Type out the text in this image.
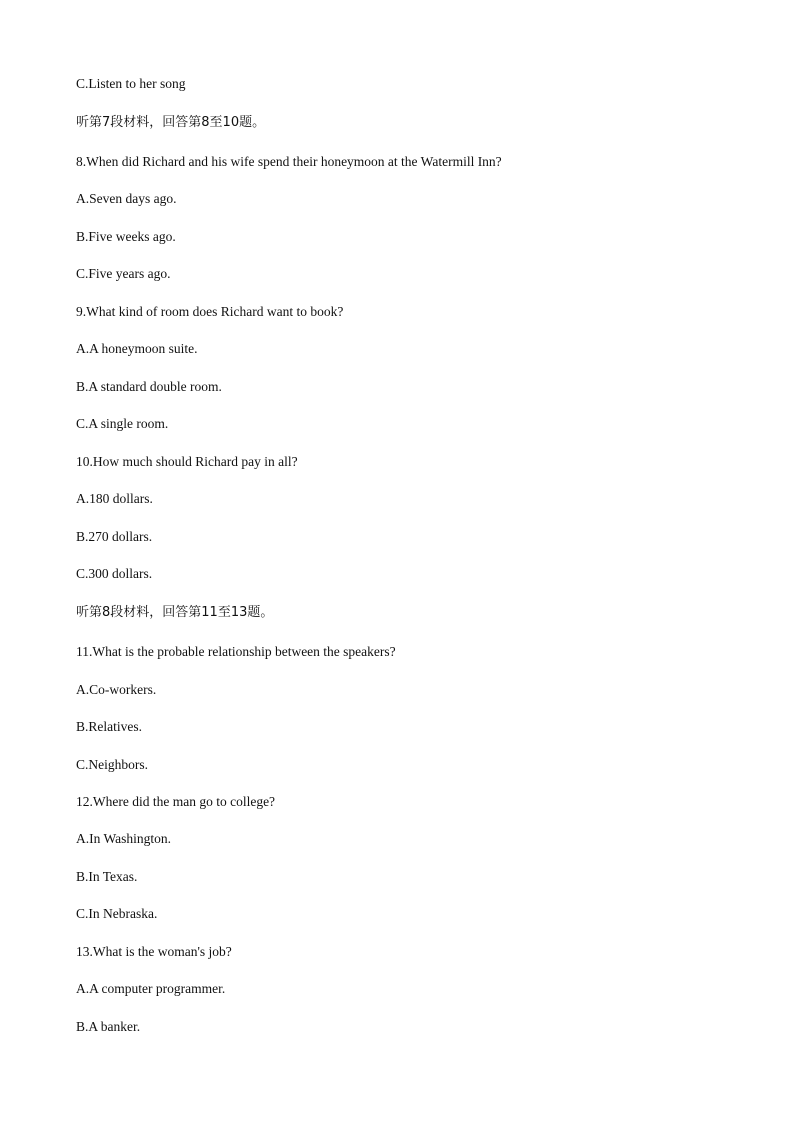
C.Listen to her song
听第7段材料，回答第8至10题。
8.When did Richard and his wife spend their honeymoon at the Watermill Inn?
A.Seven days ago.
B.Five weeks ago.
C.Five years ago.
9.What kind of room does Richard want to book?
A.A honeymoon suite.
B.A standard double room.
C.A single room.
10.How much should Richard pay in all?
A.180 dollars.
B.270 dollars.
C.300 dollars.
听第8段材料，回答第11至13题。
11.What is the probable relationship between the speakers?
A.Co-workers.
B.Relatives.
C.Neighbors.
12.Where did the man go to college?
A.In Washington.
B.In Texas.
C.In Nebraska.
13.What is the woman's job?
A.A computer programmer.
B.A banker.
